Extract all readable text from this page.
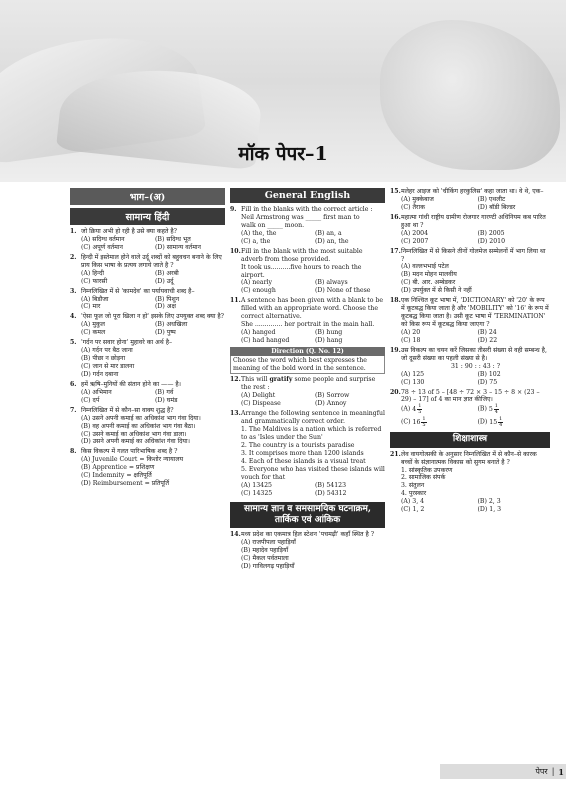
मॉक पेपर–1
भाग–(अ)
सामान्य हिंदी
1. जो क्रिया अभी हो रही है उसे क्या कहते है?
(A) सदिग्ध वर्तमान	(B) सदिग्ध भूत
(C) अपूर्ण वर्तमान	(D) सामान्य वर्तमान
2. हिन्दी में इस्तेमाल होने वाले उर्दू शब्दों को बहुवचन बनाने के लिए प्राय किस भाषा के प्रत्यय लगाये जाते है ?
(A) हिन्दी	(B) अरबी
(C) फारसी	(D) उर्दू
3. निम्नलिखित में से 'कामदेव' का पर्यायवाची शब्द है–
(A) बिडौजा	(B) पिशुन
(C) मार	(D) अक्ष
4. 'ऐसा फूल जो पूरा खिला न हो' इसके लिए उपयुक्त शब्द क्या है?
(A) मुकुल	(B) अधखिला
(C) कमल	(D) पुष्प
5. 'गर्दन पर सवार होना' मुहावरे का अर्थ है–
(A) गर्दन पर बैठ जाना
(B) पीछा न छोड़ना
(C) जान से मार डालना
(D) गर्दन दबाना
6. हमें ऋषि–मुनियों की संतान होने का —— है।
(A) अभिमान	(B) गर्व
(C) दर्प	(D) घमंड
7. निम्नलिखित में से कौन–सा वाक्य शुद्ध है?
(A) उसने अपनी कमाई का अधिकांश भाग गंवा दिया।
(B) वह अपनी कमाई का अधिकांश भाग गंवा बैठा।
(C) उसने कमाई का अधिकांश भाग गंवा डाला।
(D) उसने अपनी कमाई का अधिकांश गंवा दिया।
8. किस विकल्प में गलत पारिभाषिक शब्द है ?
(A) Juvenile Court = किशोर न्यायालय
(B) Apprentice = प्रशिक्षण
(C) Indemnity = क्षतिपूर्ति
(D) Reimbursement = प्रतिपूर्ति
General English
9. Fill in the blanks with the correct article :
Neil Armstrong was _____ first man to
walk on _____ moon.
(A) the, the	(B) an, a
(C) a, the	(D) an, the
10. Fill in the blank with the most suitable adverb from those provided.
It took us..........five hours to reach the airport.
(A) nearly	(B) always
(C) enough	(D) None of these
11. A sentence has been given with a blank to be filled with an appropriate word. Choose the correct alternative.
She .............. her portrait in the main hall.
(A) hanged	(B) hung
(C) had hanged	(D) hang
Direction (Q. No. 12)
Choose the word which best expresses the meaning of the bold word in the sentence.
12. This will gratify some people and surprise the rest :
(A) Delight	(B) Sorrow
(C) Dispease	(D) Annoy
13. Arrange the following sentence in meaningful and grammatically correct order.
1. The Maldives is a nation which is referred to as 'Isles under the Sun'
2. The country is a tourists paradise
3. It comprises more than 1200 islands
4. Each of these islands is a visual treat
5. Everyone who has visited these islands will vouch for that
(A) 13425	(B) 54123
(C) 14325	(D) 54312
सामान्य ज्ञान व समसामयिक घटनाक्रम, तार्किक एवं आंकिक
14. मध्य प्रदेश का एकमात्र हिल स्टेशन 'पचमढ़ी' कहाँ स्थित है ?
(A) राजपीपला पहाड़ियाँ
(B) महादेव पहाड़ियाँ
(C) मैकल पर्वतमाला
(D) गाविलगढ़ पहाड़ियाँ
15. मलेहर आइज को 'चीकिंग हरकुलिस' कहा जाता था। वे थे, एक–
(A) मुक्केबाज	(B) एथलीट
(C) तैराक	(D) बॉडी बिल्डर
16. महात्मा गांधी राष्ट्रीय ग्रामीण रोजगार गारण्टी अधिनियम कब पारित हुआ था ?
(A) 2004	(B) 2005
(C) 2007	(D) 2010
17. निम्नलिखित में से किसने तीनों गोलमेज सम्मेलनों में भाग लिया था ?
(A) वल्लभभाई पटेल
(B) मदन मोहन मालवीय
(C) बी. आर. अम्बेडकर
(D) उपर्युक्त में से किसी ने नहीं
18. एक निश्चित कूट भाषा में, 'DICTIONARY' को '20' के रूप में कूटबद्ध किया जाता है और 'MOBILITY' को '16' के रूप में कूटबद्ध किया जाता है। उसी कूट भाषा में 'TERMINATION' को किस रूप में कूटबद्ध किया जाएगा ?
(A) 20	(B) 24
(C) 18	(D) 22
19. उस विकल्प का चयन करें जिसका तीसरी संख्या से वही सम्बन्ध है, जो दूसरी संख्या का पहली संख्या से है।
31 : 90 : : 43 : ?
(A) 125	(B) 102
(C) 130	(D) 75
20. 78 ÷ 13 of 5 – [48 ÷ 72 × 3 – 15 ÷ 8 × (23 – 29) – 17] of 4 का मान ज्ञात कीजिए।
(A) $4 \frac{1}{5}$	(B) $5 \frac{1}{4}$
(C) $16 \frac{1}{5}$	(D) $15 \frac{1}{4}$
शिक्षाशास्त्र
21. लेव वायगोत्सकी के अनुसार निम्नलिखित में से कौन–से कारक बच्चों के संज्ञानात्मक विकास को सुगम बनाते है ?
1. सांस्कृतिक उपकरण
2. सामाजिक संपर्क
3. संतुलन
4. पुरस्कार
(A) 3, 4	(B) 2, 3
(C) 1, 2	(D) 1, 3
पेपर | 1
